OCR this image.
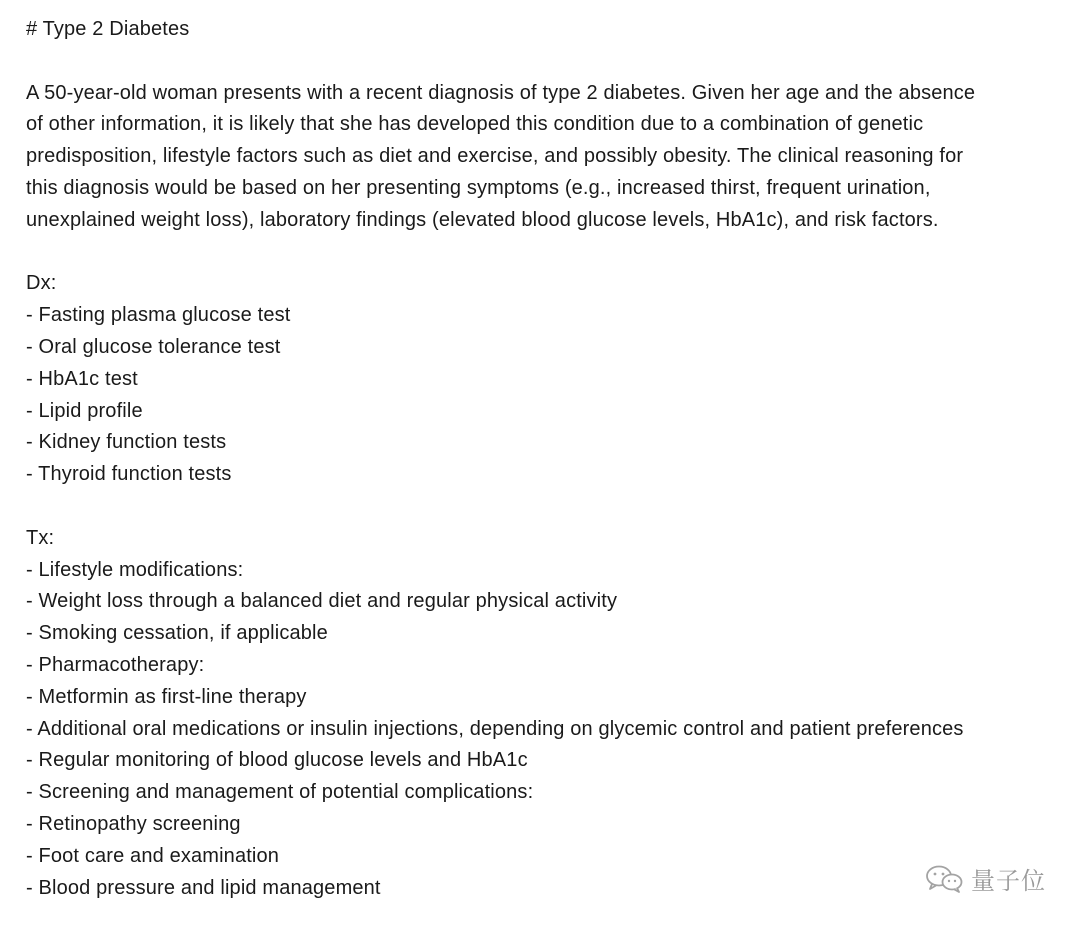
# Type 2 Diabetes
A 50-year-old woman presents with a recent diagnosis of type 2 diabetes. Given her age and the absence
of other information, it is likely that she has developed this condition due to a combination of genetic
predisposition, lifestyle factors such as diet and exercise, and possibly obesity. The clinical reasoning for
this diagnosis would be based on her presenting symptoms (e.g., increased thirst, frequent urination,
unexplained weight loss), laboratory findings (elevated blood glucose levels, HbA1c), and risk factors.
Dx:
- Fasting plasma glucose test
- Oral glucose tolerance test
- HbA1c test
- Lipid profile
- Kidney function tests
- Thyroid function tests
Tx:
- Lifestyle modifications:
- Weight loss through a balanced diet and regular physical activity
- Smoking cessation, if applicable
- Pharmacotherapy:
- Metformin as first-line therapy
- Additional oral medications or insulin injections, depending on glycemic control and patient preferences
- Regular monitoring of blood glucose levels and HbA1c
- Screening and management of potential complications:
- Retinopathy screening
- Foot care and examination
- Blood pressure and lipid management	量子位
